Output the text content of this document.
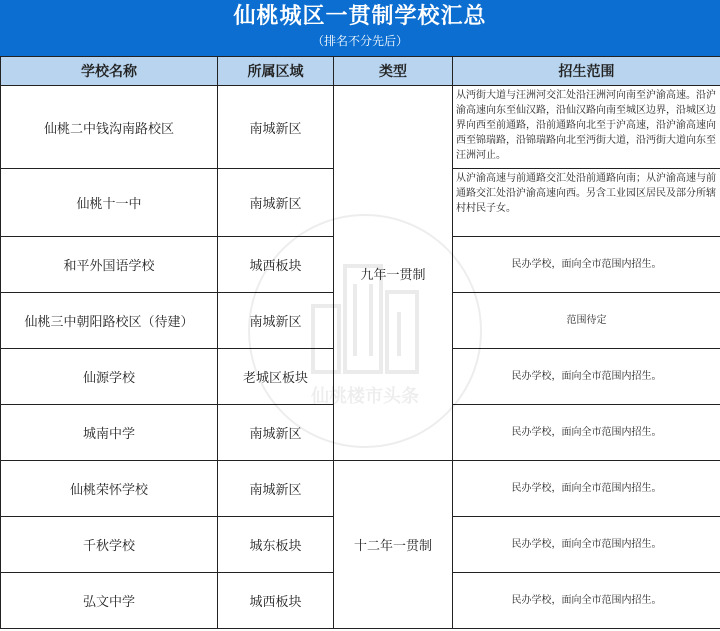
仙桃城区一贯制学校汇总
（排名不分先后）
学校名称	所属区域	类型	招生范围
仙桃二中钱沟南路校区	南城新区	九年一贯制	从沔街大道与汪洲河交汇处沿汪洲河向南至沪渝高速。沿沪渝高速向东至仙汉路，沿仙汉路向南至城区边界，沿城区边界向西至前通路，沿前通路向北至于沪高速，沿沪渝高速向西至锦瑞路，沿锦瑞路向北至沔街大道，沿沔街大道向东至汪洲河止。
仙桃十一中	南城新区		从沪渝高速与前通路交汇处沿前通路向南；从沪渝高速与前通路交汇处沿沪渝高速向西。另含工业园区居民及部分所辖村村民子女。
和平外国语学校	城西板块		民办学校，面向全市范围内招生。
仙桃三中朝阳路校区（待建）	南城新区		范围待定
仙源学校	老城区板块		民办学校，面向全市范围内招生。
城南中学	南城新区		民办学校，面向全市范围内招生。
仙桃荣怀学校	南城新区	十二年一贯制	民办学校，面向全市范围内招生。
千秋学校	城东板块		民办学校，面向全市范围内招生。
弘文中学	城西板块		民办学校，面向全市范围内招生。
仙桃楼市头条
